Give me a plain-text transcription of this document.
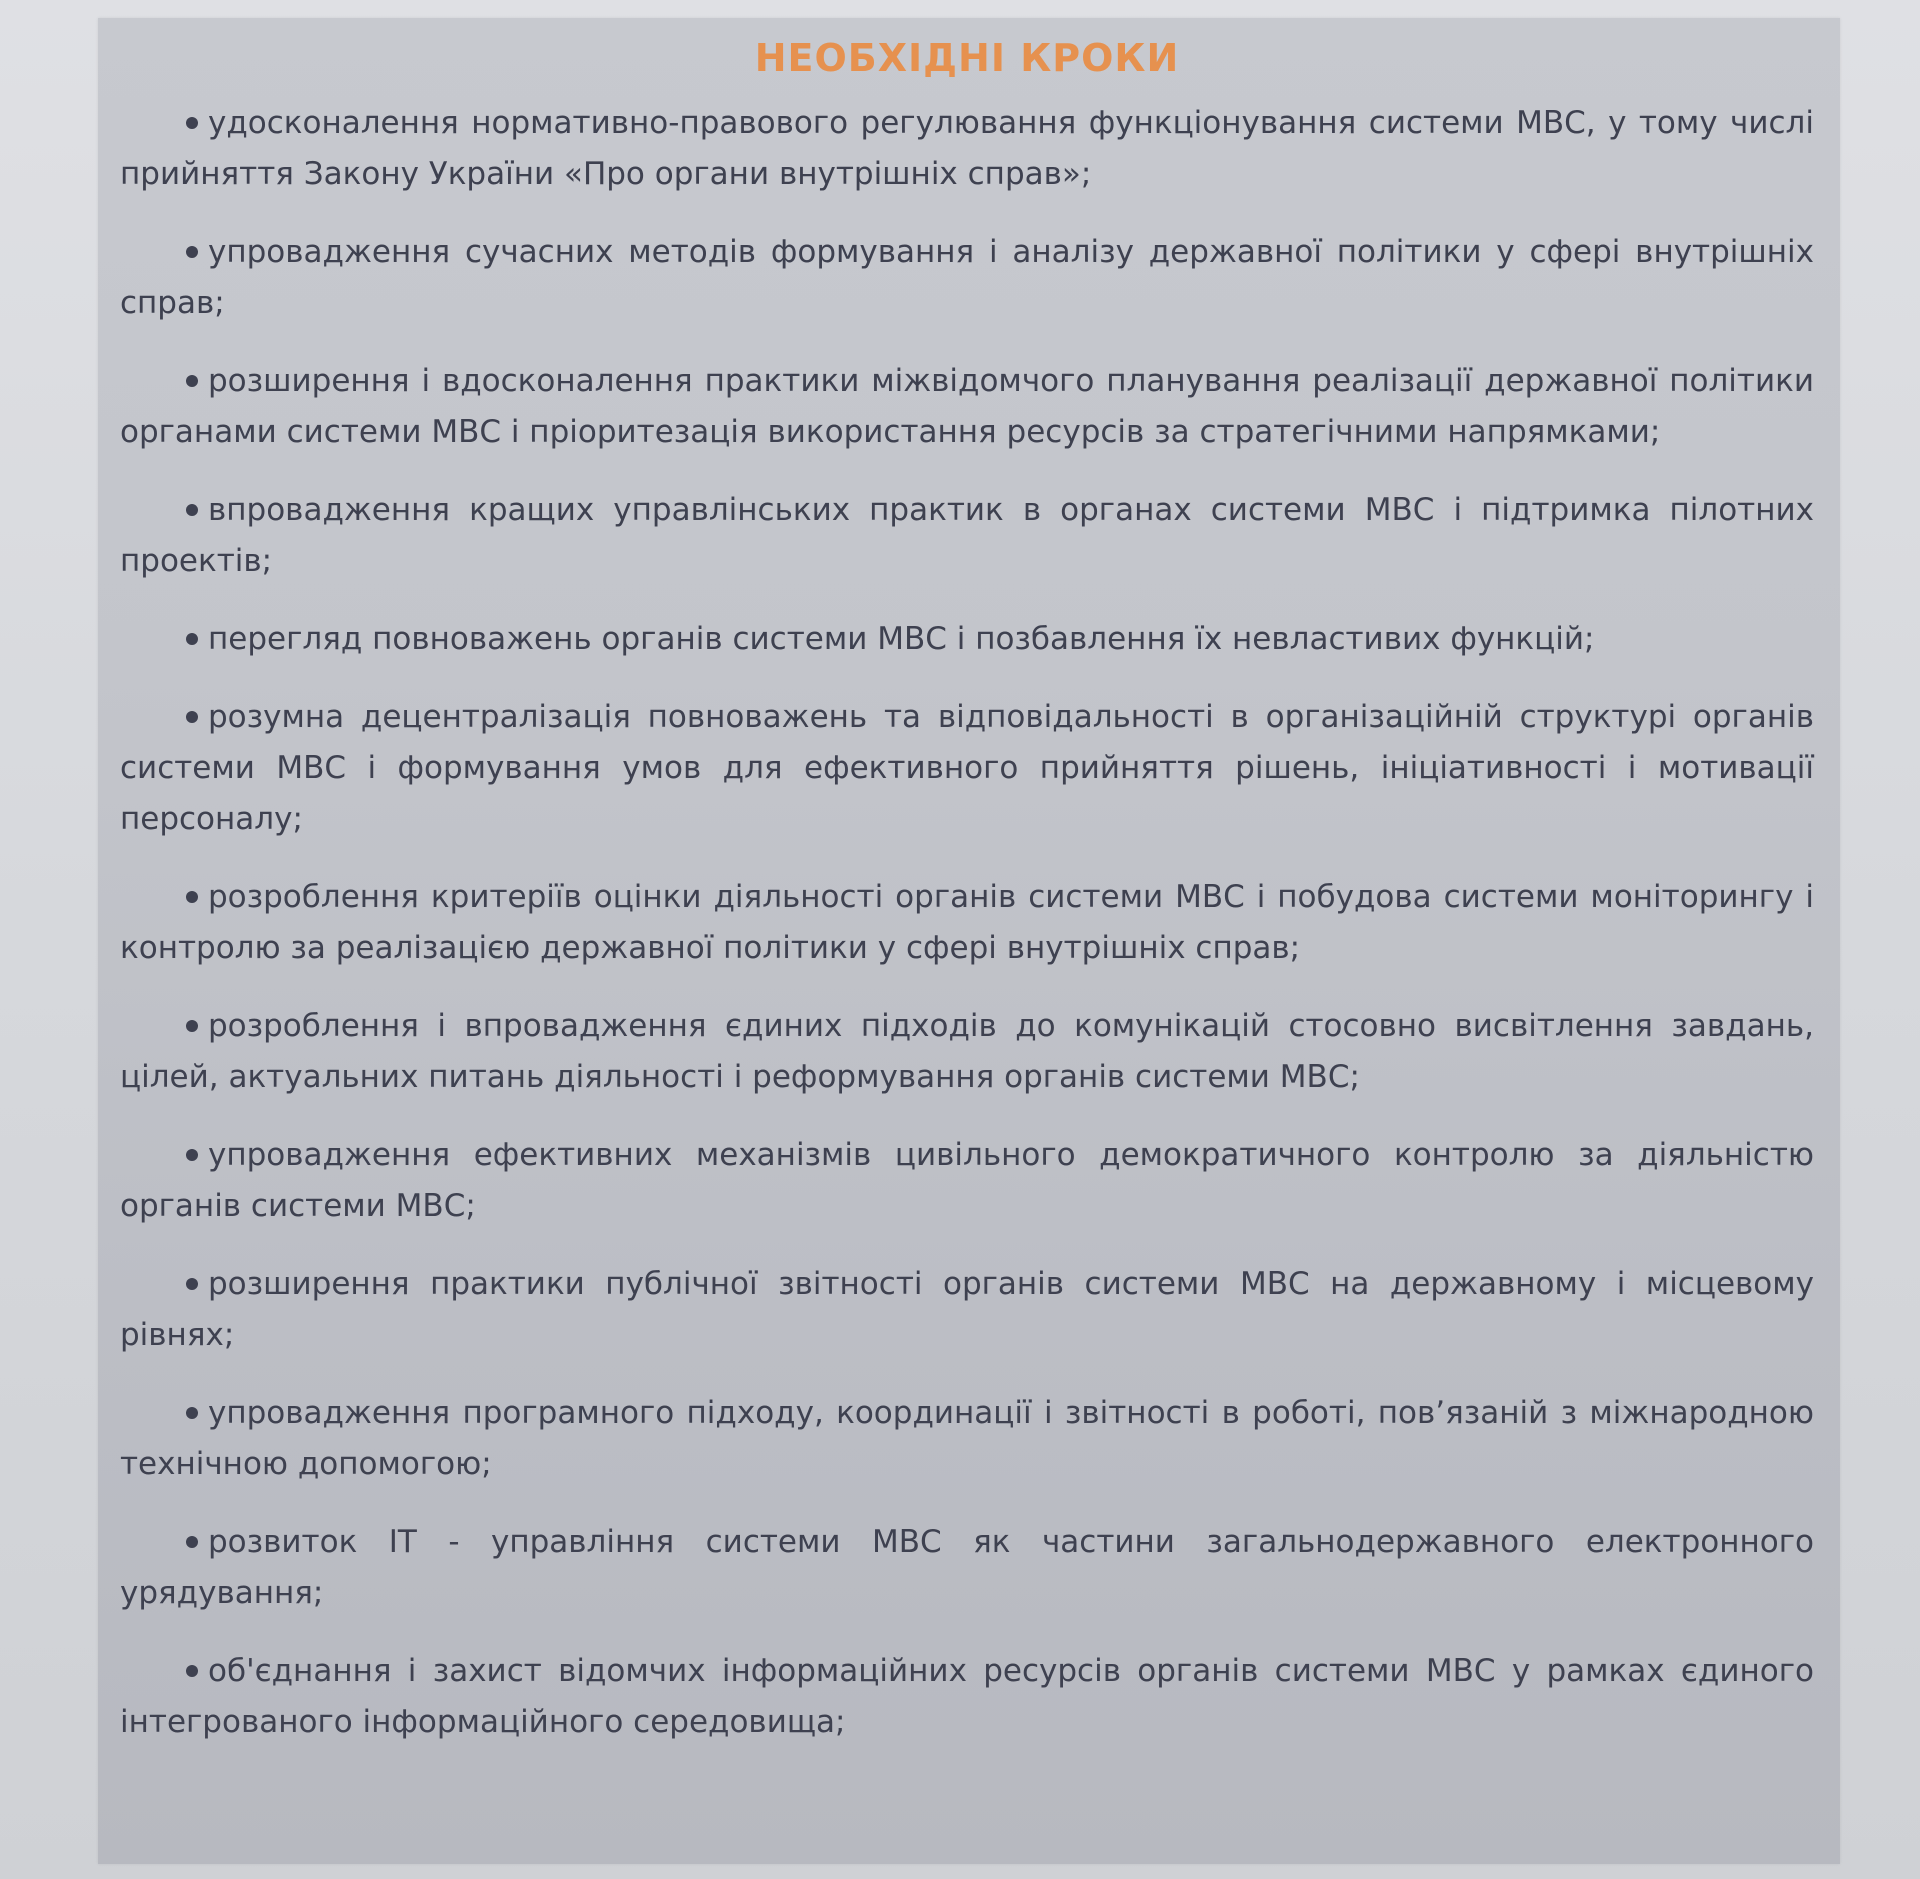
НЕОБХІДНІ КРОКИ
удосконалення нормативно-правового регулювання функціонування системи МВС, у тому числі прийняття Закону України «Про органи внутрішніх справ»;
упровадження сучасних методів формування і аналізу державної політики у сфері внутрішніх справ;
розширення і вдосконалення практики міжвідомчого планування реалізації державної політики органами системи МВС і пріоритезація використання ресурсів за стратегічними напрямками;
впровадження кращих управлінських практик в органах системи МВС і підтримка пілотних проектів;
перегляд повноважень органів системи МВС і позбавлення їх невластивих функцій;
розумна децентралізація повноважень та відповідальності в організаційній структурі органів системи МВС і формування умов для ефективного прийняття рішень, ініціативності і мотивації персоналу;
розроблення критеріїв оцінки діяльності органів системи МВС і побудова системи моніторингу і контролю за реалізацією державної політики у сфері внутрішніх справ;
розроблення і впровадження єдиних підходів до комунікацій стосовно висвітлення завдань, цілей, актуальних питань діяльності і реформування органів системи МВС;
упровадження ефективних механізмів цивільного демократичного контролю за діяльністю органів системи МВС;
розширення практики публічної звітності органів системи МВС на державному і місцевому рівнях;
упровадження програмного підходу, координації і звітності в роботі, пов’язаній з міжнародною технічною допомогою;
розвиток ІТ - управління системи МВС як частини загальнодержавного електронного урядування;
об'єднання і захист відомчих інформаційних ресурсів органів системи МВС у рамках єдиного інтегрованого інформаційного середовища;
